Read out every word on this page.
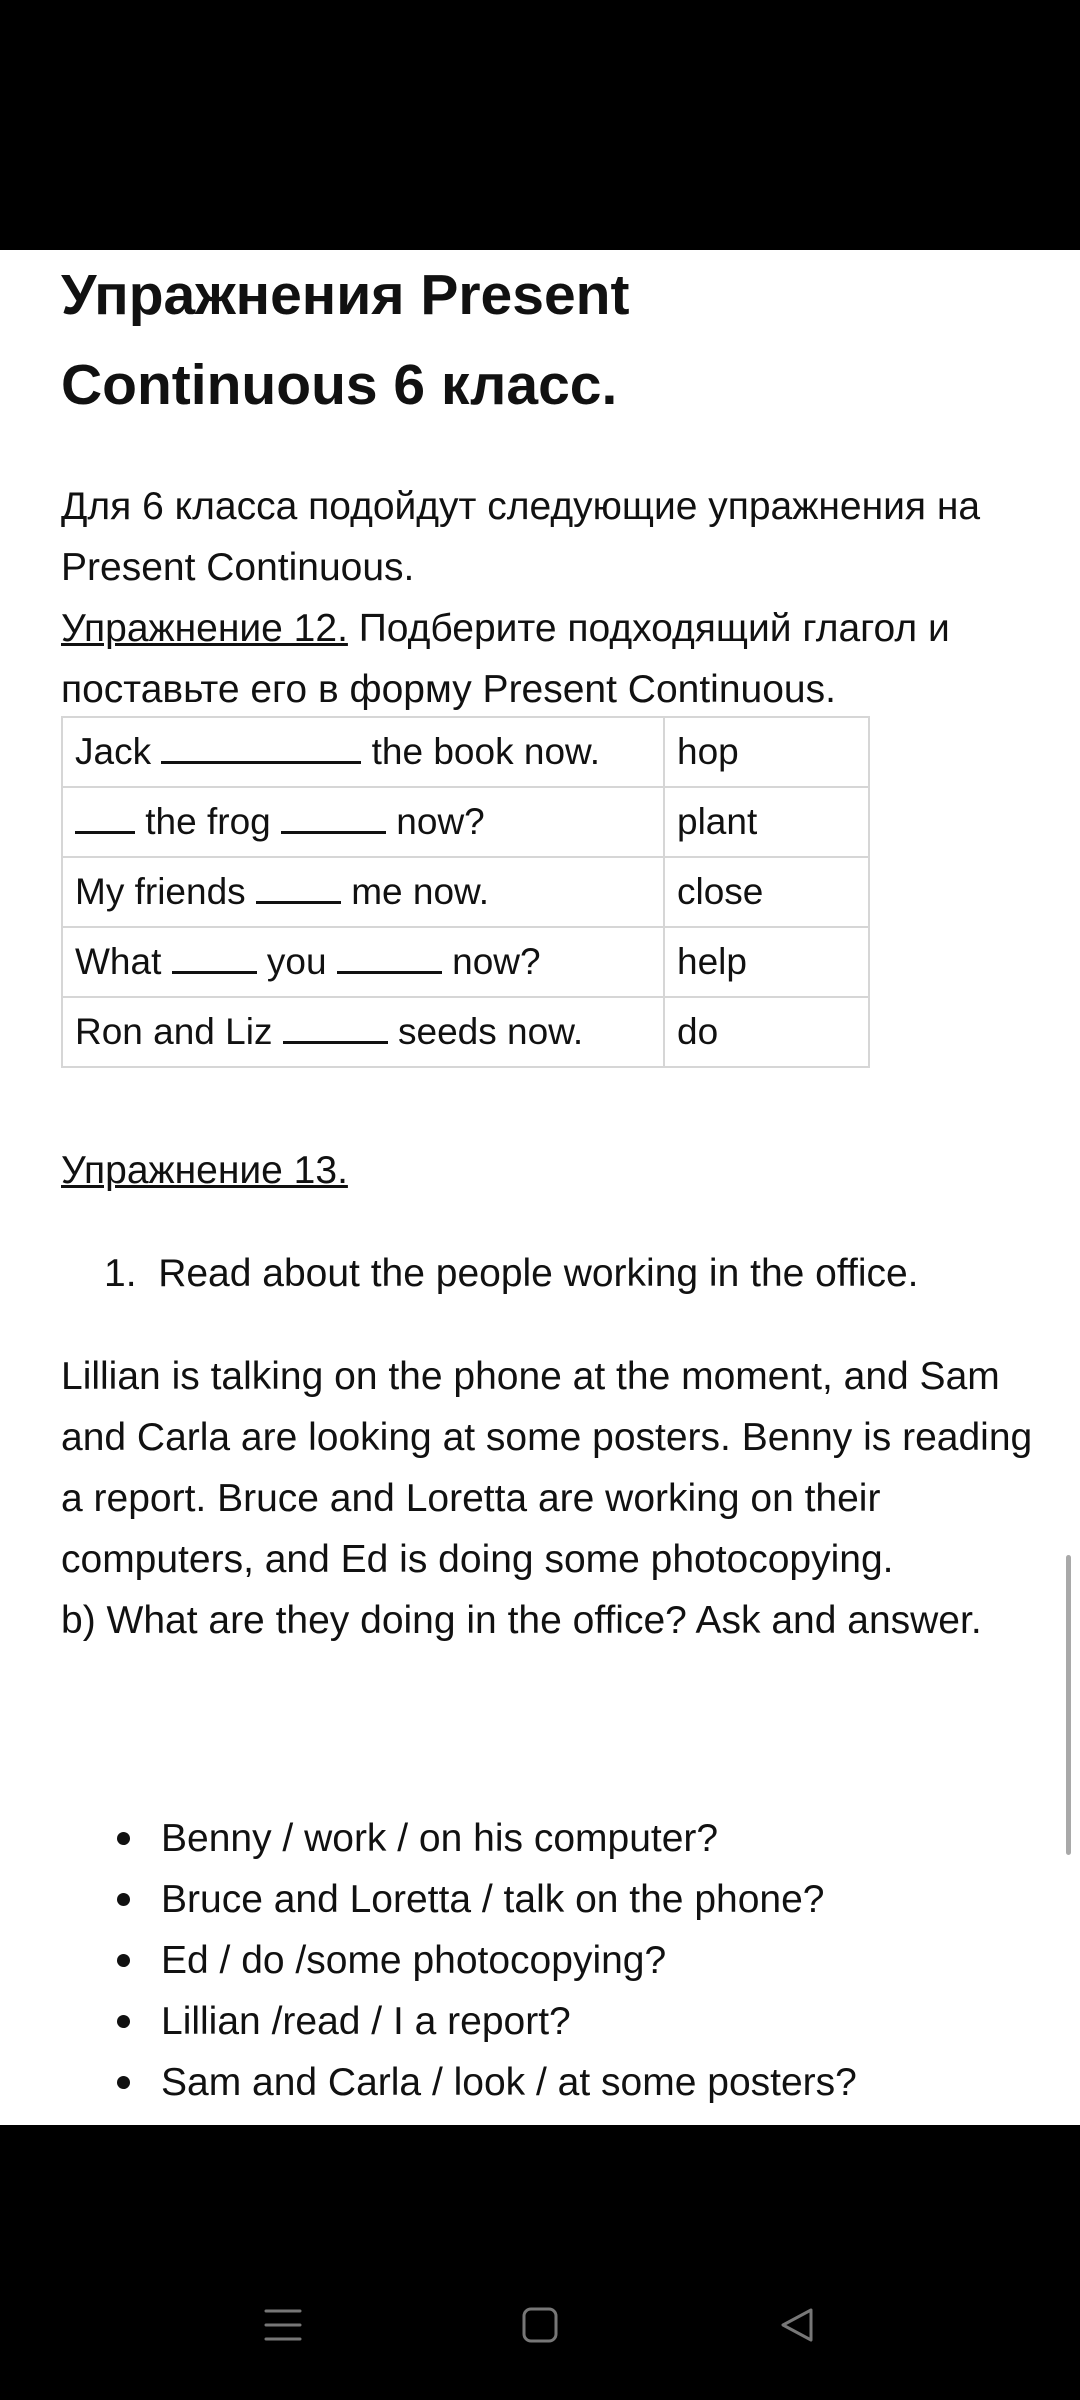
Упражнения Present Continuous 6 класс.
Для 6 класса подойдут следующие упражнения на Present Continuous.
Упражнение 12. Подберите подходящий глагол и поставьте его в форму Present Continuous.
Jack the book now.	hop
the frog now?	plant
My friends  me now.	close
What  you now?	help
Ron and Liz seeds now.	do
Упражнение 13.
1. Read about the people working in the office.
Lillian is talking on the phone at the moment, and Sam and Carla are looking at some posters. Benny is reading a report. Bruce and Loretta are working on their computers, and Ed is doing some photocopying.
b) What are they doing in the office? Ask and answer.
Benny / work / on his computer?
Bruce and Loretta / talk on the phone?
Ed / do /some photocopying?
Lillian /read / I a report?
Sam and Carla / look / at some posters?
